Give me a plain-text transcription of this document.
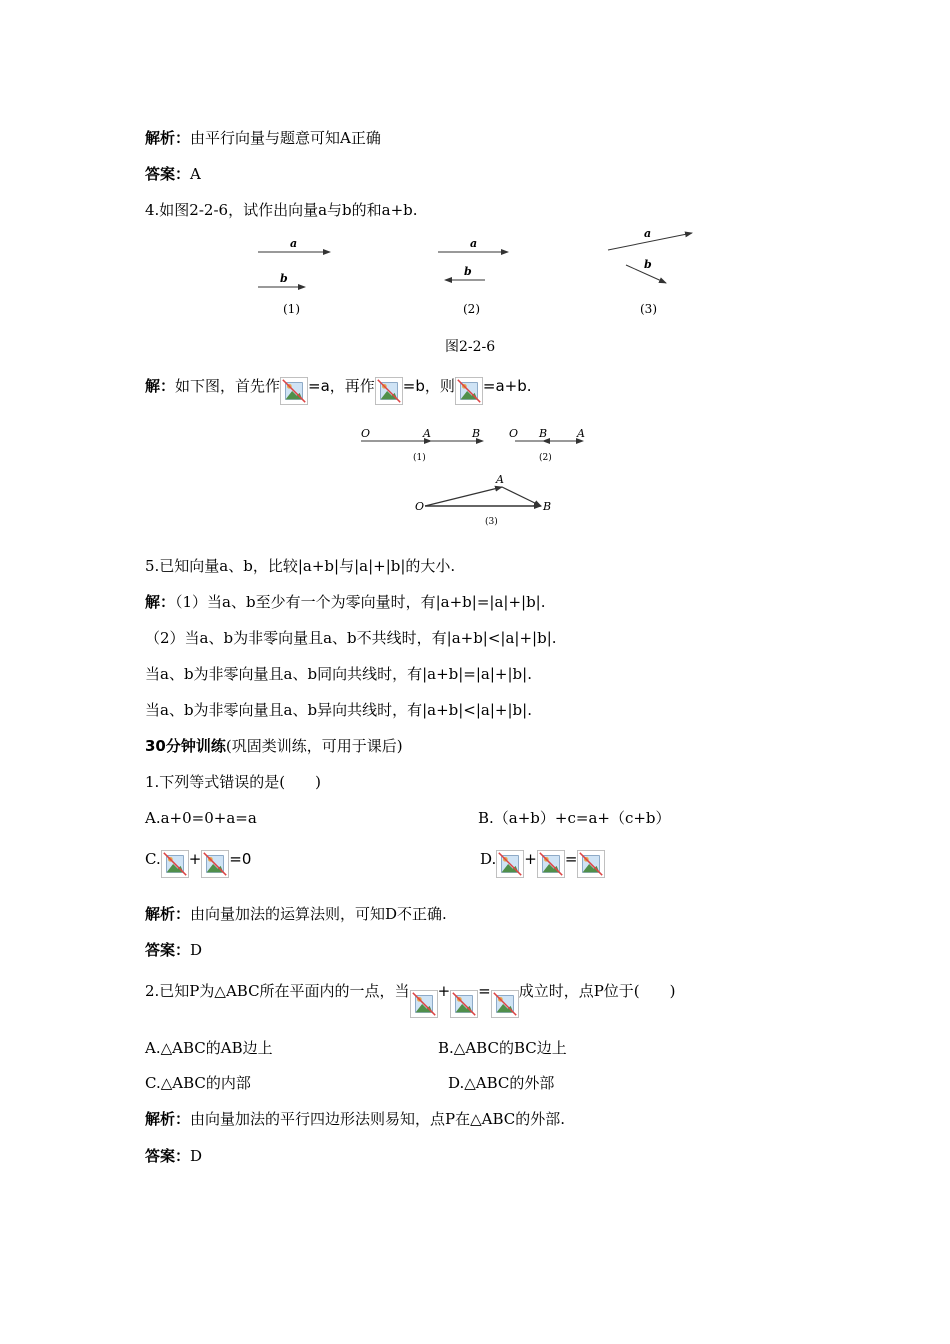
解析：由平行向量与题意可知A正确
答案：A
4.如图2-2-6，试作出向量a与b的和a+b.
a
b
(1)
a
b
(2)
a
b
(3)
图2-2-6
解：如下图，首先作 =a，再作 =b，则 =a+b.
O	A	B
(1)
O B	A
(2)
O
A
B
(3)
5.已知向量a、b，比较|a+b|与|a|+|b|的大小.
解：（1）当a、b至少有一个为零向量时，有|a+b|=|a|+|b|.
（2）当a、b为非零向量且a、b不共线时，有|a+b|<|a|+|b|.
当a、b为非零向量且a、b同向共线时，有|a+b|=|a|+|b|.
当a、b为非零向量且a、b异向共线时，有|a+b|<|a|+|b|.
30分钟训练(巩固类训练，可用于课后)
1.下列等式错误的是(　　)
A.a+0=0+a=a	B.（a+b）+c=a+（c+b）
C. + =0	D. + =
解析：由向量加法的运算法则，可知D不正确.
答案：D
2.已知P为△ABC所在平面内的一点，当 + = 成立时，点P位于(　　)
A.△ABC的AB边上	B.△ABC的BC边上
C.△ABC的内部	D.△ABC的外部
解析：由向量加法的平行四边形法则易知，点P在△ABC的外部.
答案：D
